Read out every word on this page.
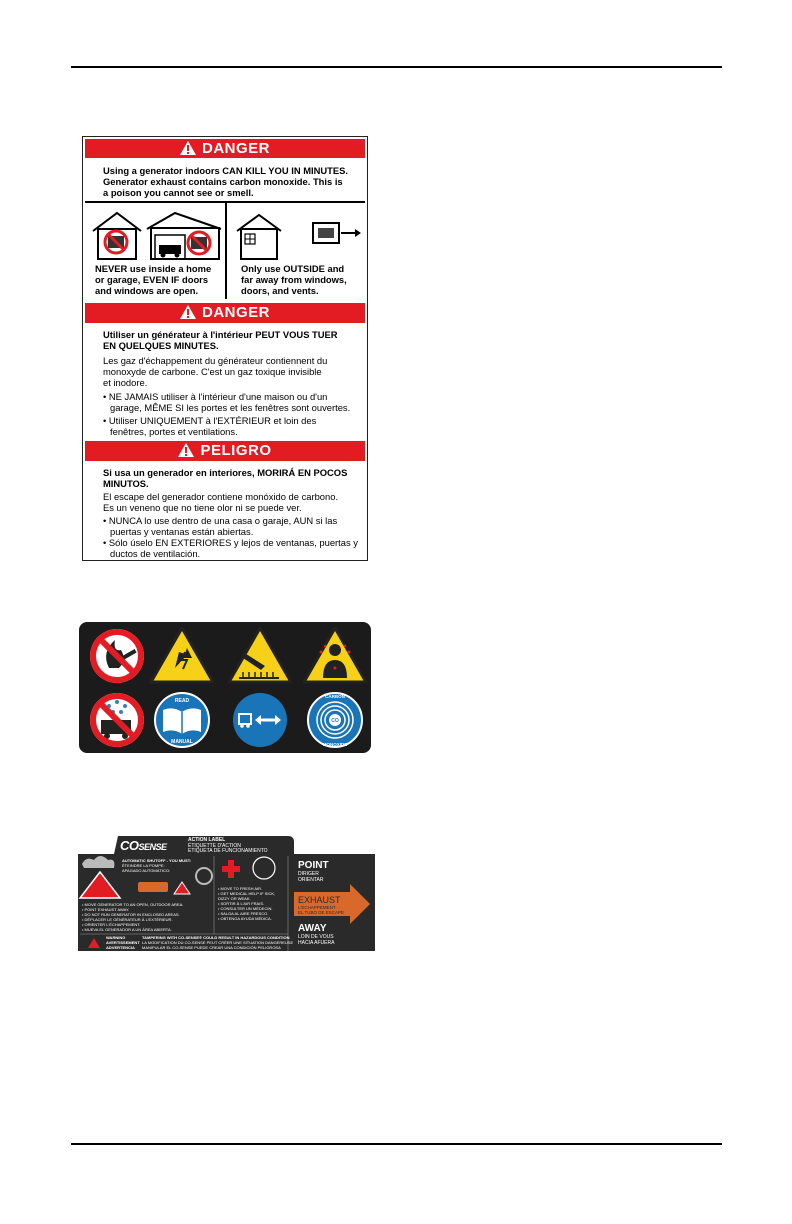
DANGER
Using a generator indoors CAN KILL YOU IN MINUTES.
Generator exhaust contains carbon monoxide. This is
a poison you cannot see or smell.
NEVER use inside a home
or garage, EVEN IF doors
and windows are open.
Only use OUTSIDE and
far away from windows,
doors, and vents.
DANGER
Utiliser un générateur à l'intérieur PEUT VOUS TUER
EN QUELQUES MINUTES.
Les gaz d'échappement du générateur contiennent du
monoxyde de carbone. C'est un gaz toxique invisible
et inodore.
• NE JAMAIS utiliser à l'intérieur d'une maison ou d'un
garage, MÊME SI les portes et les fenêtres sont ouvertes.
• Utiliser UNIQUEMENT à l'EXTÉRIEUR et loin des
fenêtres, portes et ventilations.
PELIGRO
Si usa un generador en interiores, MORIRÁ EN POCOS
MINUTOS.
El escape del generador contiene monóxido de carbono.
Es un veneno que no tiene olor ni se puede ver.
• NUNCA lo use dentro de una casa o garaje, AUN si las
puertas y ventanas están abiertas.
• Sólo úselo EN EXTERIORES y lejos de ventanas, puertas y
ductos de ventilación.
READ
MANUAL
CO
CARBON
MONOXIDE
COSENSE
ACTION LABEL
ÉTIQUETTE D'ACTION
ETIQUETA DE FUNCIONAMIENTO
AUTOMATIC SHUTOFF - YOU MUST:
ÉTEINDRE LA POMPE:
APAGADO AUTOMÁTICO:
• MOVE GENERATOR TO AN OPEN, OUTDOOR AREA.
• POINT EXHAUST AWAY.
• DO NOT RUN GENERATOR IN ENCLOSED AREAS.
• DÉPLACER LE GÉNÉRATEUR À L'EXTÉRIEUR.
• ORIENTER L'ÉCHAPPEMENT.
• MUEVA EL GENERADOR A UN ÁREA ABIERTA.
• MOVE TO FRESH AIR.
• GET MEDICAL HELP IF SICK,
DIZZY OR WEAK.
• SORTIR À L'AIR FRAIS.
• CONSULTER UN MÉDECIN.
• SALGA AL AIRE FRESCO.
• OBTENGA AYUDA MÉDICA.
WARNING
AVERTISSEMENT
ADVERTENCIA
TAMPERING WITH CO-SENSE® COULD RESULT IN HAZARDOUS CONDITION
LA MODIFICATION DU CO-SENSE PEUT CRÉER UNE SITUATION DANGEREUSE
MANIPULAR EL CO-SENSE PUEDE CREAR UNA CONDICIÓN PELIGROSA
POINT
DIRIGER
ORIENTAR
EXHAUST
L'ÉCHAPPEMENT
EL TUBO DE ESCAPE
AWAY
LOIN DE VOUS
HACIA AFUERA
